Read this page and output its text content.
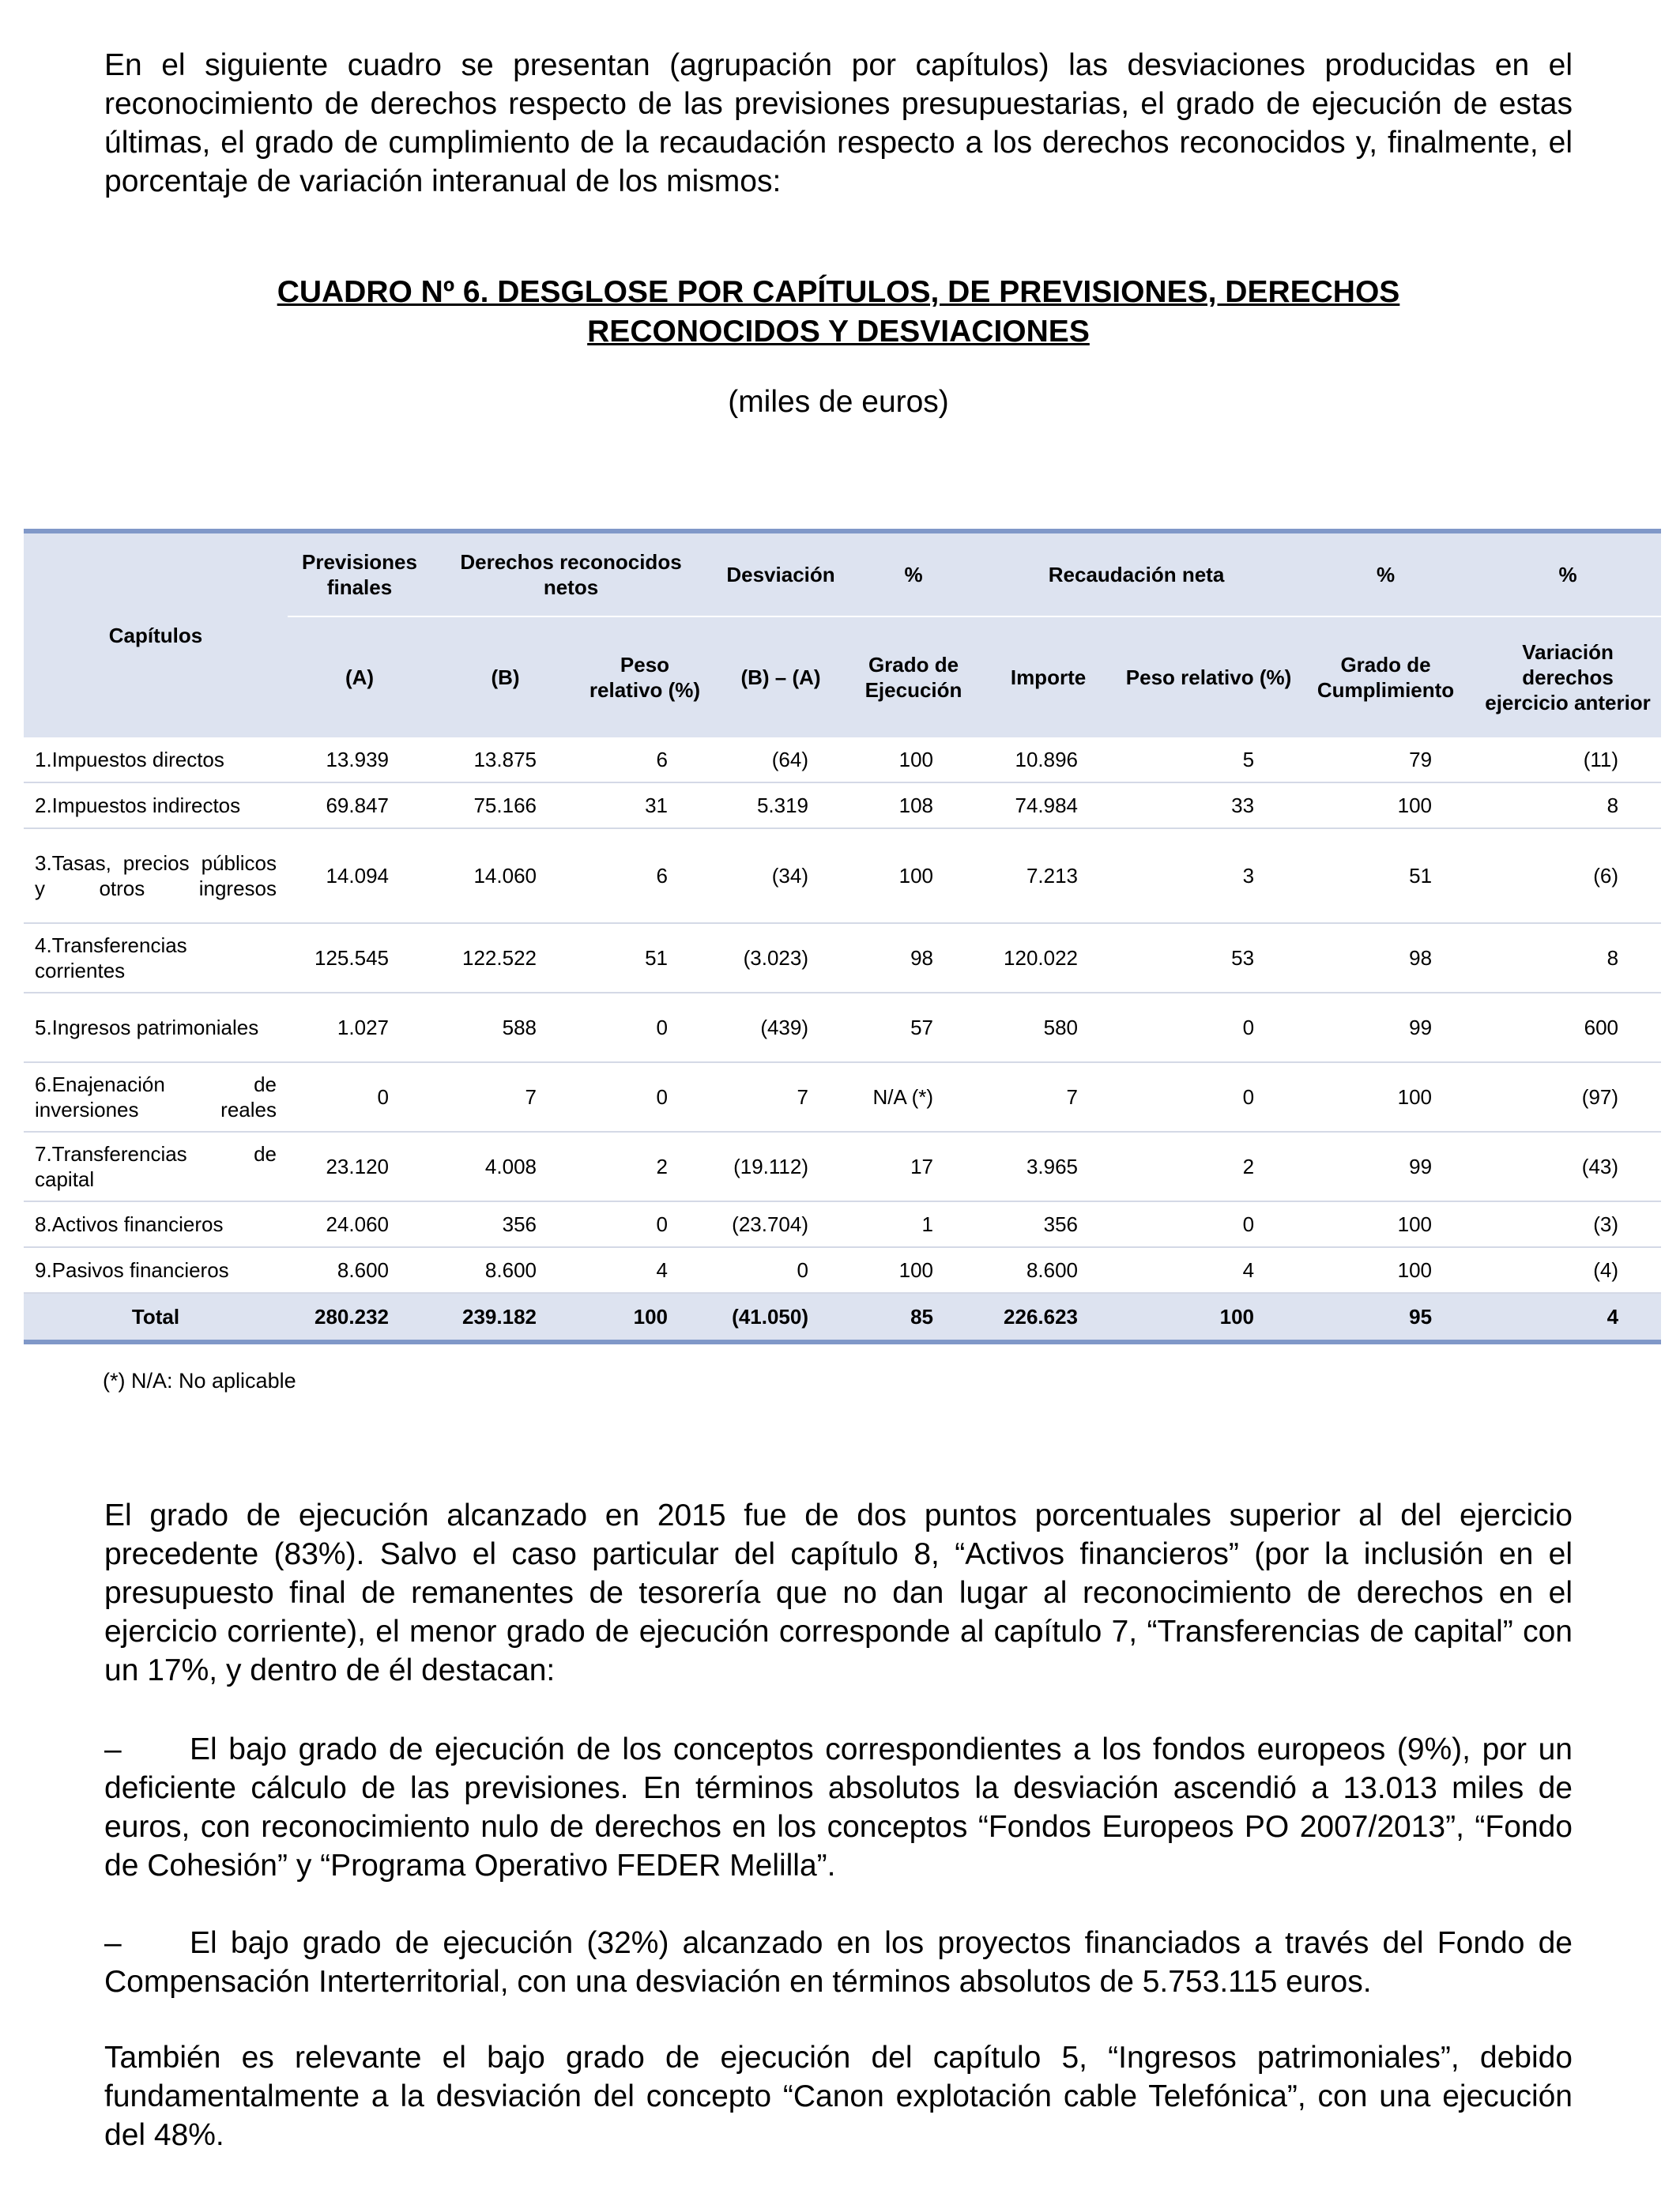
En el siguiente cuadro se presentan (agrupación por capítulos) las desviaciones producidas en el reconocimiento de derechos respecto de las previsiones presupuestarias, el grado de ejecución de estas últimas, el grado de cumplimiento de la recaudación respecto a los derechos reconocidos y, finalmente, el porcentaje de variación interanual de los mismos:

CUADRO Nº 6. DESGLOSE POR CAPÍTULOS, DE PREVISIONES, DERECHOS
RECONOCIDOS Y DESVIACIONES
(miles de euros)
Capítulos	Previsiones finales	Derechos reconocidos netos		Desviación	%	Recaudación neta		%	%
	(A)	(B)	Peso relativo (%)	(B) – (A)	Grado de Ejecución	Importe	Peso relativo (%)	Grado de Cumplimiento	Variación derechos ejercicio anterior
1.Impuestos directos	13.939	13.875	6	(64)	100	10.896	5	79	(11)
2.Impuestos indirectos	69.847	75.166	31	5.319	108	74.984	33	100	8
3.Tasas, precios públicos y otros ingresos	14.094	14.060	6	(34)	100	7.213	3	51	(6)
4.Transferencias corrientes	125.545	122.522	51	(3.023)	98	120.022	53	98	8
5.Ingresos patrimoniales	1.027	588	0	(439)	57	580	0	99	600
6.Enajenación de inversiones reales	0	7	0	7	N/A (*)	7	0	100	(97)
7.Transferencias de capital	23.120	4.008	2	(19.112)	17	3.965	2	99	(43)
8.Activos financieros	24.060	356	0	(23.704)	1	356	0	100	(3)
9.Pasivos financieros	8.600	8.600	4	0	100	8.600	4	100	(4)
Total	280.232	239.182	100	(41.050)	85	226.623	100	95	4
(*) N/A: No aplicable

El grado de ejecución alcanzado en 2015 fue de dos puntos porcentuales superior al del ejercicio precedente (83%). Salvo el caso particular del capítulo 8, “Activos financieros” (por la inclusión en el presupuesto final de remanentes de tesorería que no dan lugar al reconocimiento de derechos en el ejercicio corriente), el menor grado de ejecución corresponde al capítulo 7, “Transferencias de capital” con un 17%, y dentro de él destacan:

– El bajo grado de ejecución de los conceptos correspondientes a los fondos europeos (9%), por un deficiente cálculo de las previsiones. En términos absolutos la desviación ascendió a 13.013 miles de euros, con reconocimiento nulo de derechos en los conceptos “Fondos Europeos PO 2007/2013”, “Fondo de Cohesión” y “Programa Operativo FEDER Melilla”.

– El bajo grado de ejecución (32%) alcanzado en los proyectos financiados a través del Fondo de Compensación Interterritorial, con una desviación en términos absolutos de 5.753.115 euros.

También es relevante el bajo grado de ejecución del capítulo 5, “Ingresos patrimoniales”, debido fundamentalmente a la desviación del concepto “Canon explotación cable Telefónica”, con una ejecución del 48%.
